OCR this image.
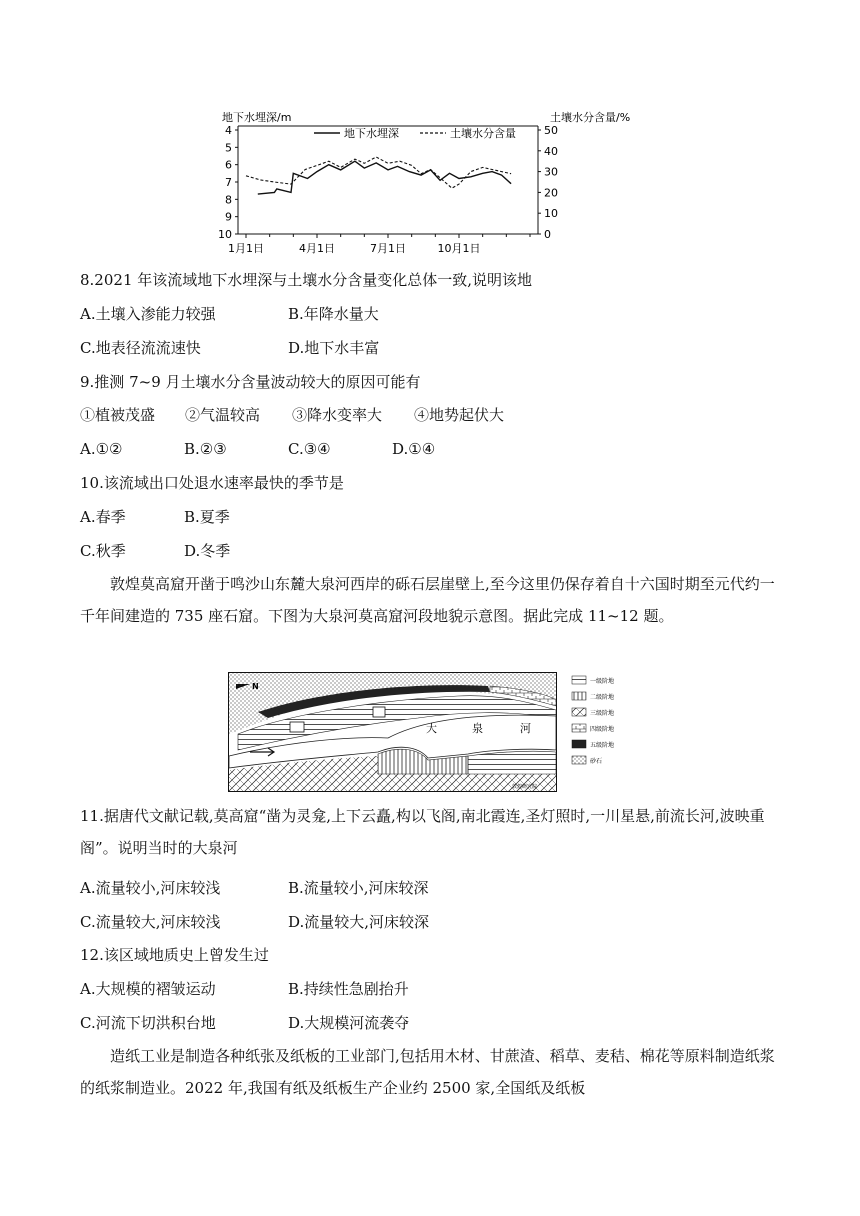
地下水埋深/m	土壤水分含量/%
地下水埋深	土壤水分含量
4
5
6
7
8
9
10
50
40
30
20
10
0
1月1日	4月1日	7月1日	10月1日
8.2021 年该流域地下水埋深与土壤水分含量变化总体一致,说明该地
A.土壤入渗能力较强	B.年降水量大
C.地表径流流速快	D.地下水丰富
9.推测 7~9 月土壤水分含量波动较大的原因可能有
①植被茂盛 ②气温较高 ③降水变率大 ④地势起伏大
A.①②	B.②③	C.③④	D.①④
10.该流域出口处退水速率最快的季节是
A.春季	B.夏季
C.秋季	D.冬季
敦煌莫高窟开凿于鸣沙山东麓大泉河西岸的砾石层崖壁上,至今这里仍保存着自十六国时期至元代约一千年间建造的 735 座石窟。下图为大泉河莫高窟河段地貌示意图。据此完成 11~12 题。
N
大	泉	河
敦煌研究院
一级阶地
二级阶地
三级阶地
四级阶地
五级阶地
砂石
11.据唐代文献记载,莫高窟“凿为灵龛,上下云矗,构以飞阁,南北霞连,圣灯照时,一川星悬,前流长河,波映重阁”。说明当时的大泉河
A.流量较小,河床较浅	B.流量较小,河床较深
C.流量较大,河床较浅	D.流量较大,河床较深
12.该区域地质史上曾发生过
A.大规模的褶皱运动	B.持续性急剧抬升
C.河流下切洪积台地	D.大规模河流袭夺
造纸工业是制造各种纸张及纸板的工业部门,包括用木材、甘蔗渣、稻草、麦秸、棉花等原料制造纸浆的纸浆制造业。2022 年,我国有纸及纸板生产企业约 2500 家,全国纸及纸板
